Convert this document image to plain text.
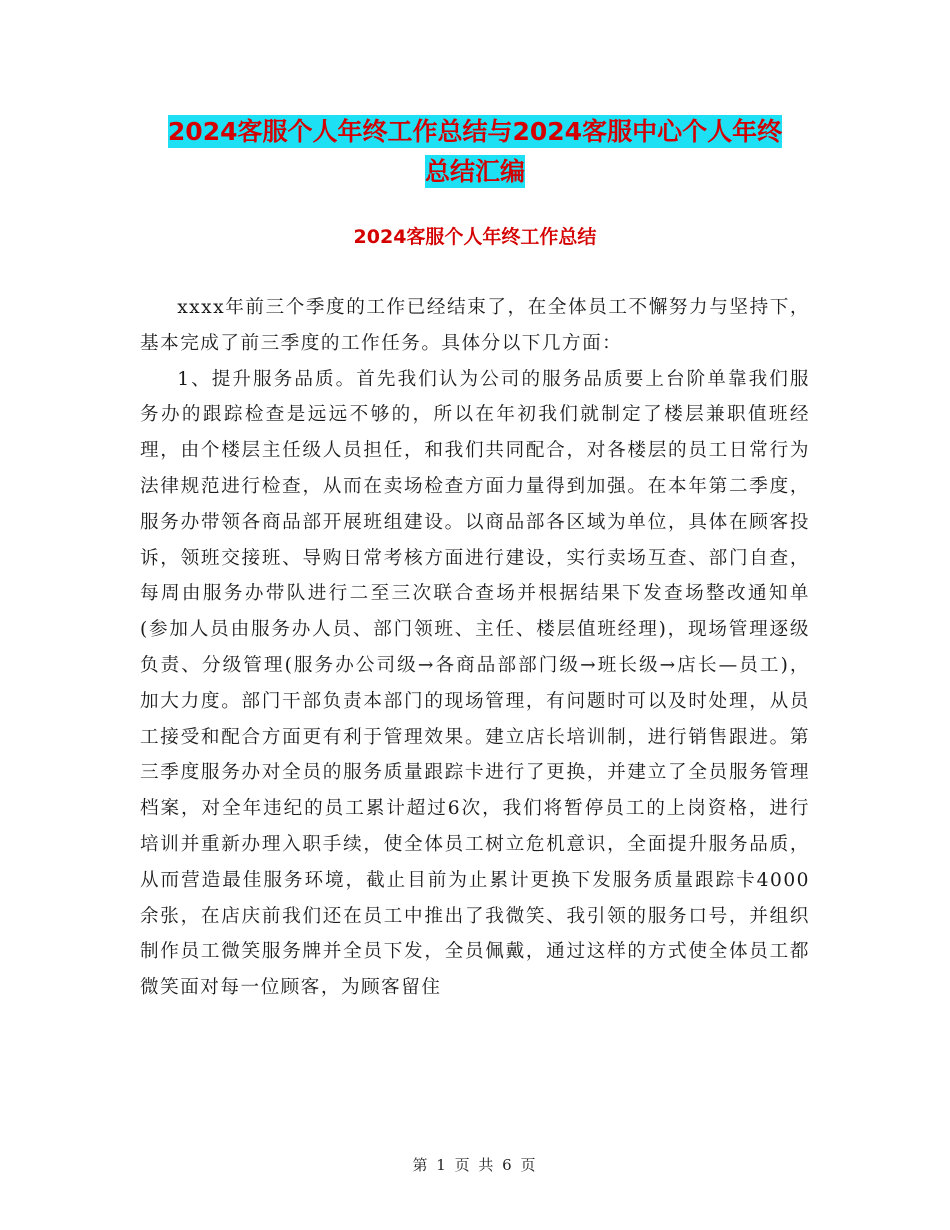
2024客服个人年终工作总结与2024客服中心个人年终
总结汇编
2024客服个人年终工作总结

xxxx年前三个季度的工作已经结束了，在全体员工不懈努力与坚持下，基本完成了前三季度的工作任务。具体分以下几方面：

1、提升服务品质。首先我们认为公司的服务品质要上台阶单靠我们服务办的跟踪检查是远远不够的，所以在年初我们就制定了楼层兼职值班经理，由个楼层主任级人员担任，和我们共同配合，对各楼层的员工日常行为法律规范进行检查，从而在卖场检查方面力量得到加强。在本年第二季度，服务办带领各商品部开展班组建设。以商品部各区域为单位，具体在顾客投诉，领班交接班、导购日常考核方面进行建设，实行卖场互查、部门自查，每周由服务办带队进行二至三次联合查场并根据结果下发查场整改通知单(参加人员由服务办人员、部门领班、主任、楼层值班经理)，现场管理逐级负责、分级管理(服务办公司级→各商品部部门级→班长级→店长—员工)，加大力度。部门干部负责本部门的现场管理，有问题时可以及时处理，从员工接受和配合方面更有利于管理效果。建立店长培训制，进行销售跟进。第三季度服务办对全员的服务质量跟踪卡进行了更换，并建立了全员服务管理档案，对全年违纪的员工累计超过6次，我们将暂停员工的上岗资格，进行培训并重新办理入职手续，使全体员工树立危机意识，全面提升服务品质，从而营造最佳服务环境，截止目前为止累计更换下发服务质量跟踪卡4000余张，在店庆前我们还在员工中推出了我微笑、我引领的服务口号，并组织制作员工微笑服务牌并全员下发，全员佩戴，通过这样的方式使全体员工都微笑面对每一位顾客，为顾客留住

第 1 页 共 6 页
